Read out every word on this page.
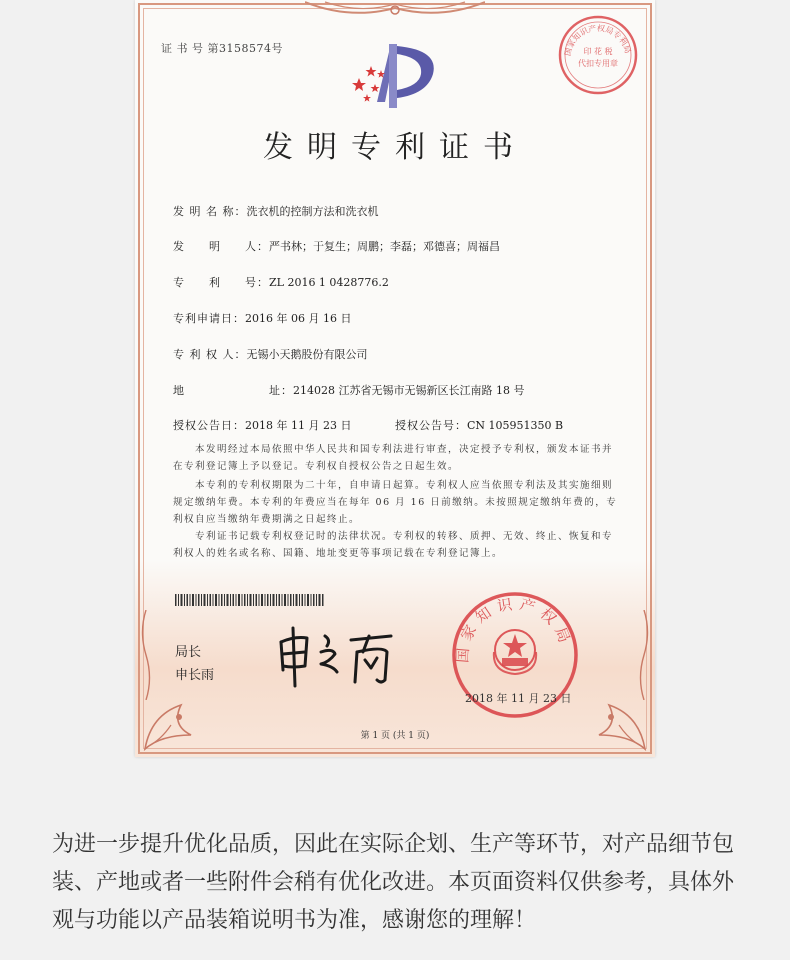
证 书 号 第3158574号	国家知识产权局专利局
印 花 税
代扣专用章
发明专利证书
发 明 名 称：洗衣机的控制方法和洗衣机
发　　明　　人：严书林；于复生；周鹏；李磊；邓德喜；周福昌
专　　利　　号：ZL 2016 1 0428776.2
专利申请日：2016 年 06 月 16 日
专 利 权 人：无锡小天鹅股份有限公司
地　　　　　　　址：214028 江苏省无锡市无锡新区长江南路 18 号
授权公告日：2018 年 11 月 23 日	授权公告号：CN 105951350 B
本发明经过本局依照中华人民共和国专利法进行审查，决定授予专利权，颁发本证书并在专利登记簿上予以登记。专利权自授权公告之日起生效。
本专利的专利权期限为二十年，自申请日起算。专利权人应当依照专利法及其实施细则规定缴纳年费。本专利的年费应当在每年 06 月 16 日前缴纳。未按照规定缴纳年费的，专利权自应当缴纳年费期满之日起终止。
专利证书记载专利权登记时的法律状况。专利权的转移、质押、无效、终止、恢复和专利权人的姓名或名称、国籍、地址变更等事项记载在专利登记簿上。
局长
申长雨
国家知识产权局
2018 年 11 月 23 日
第 1 页 (共 1 页)
为进一步提升优化品质，因此在实际企划、生产等环节，对产品细节包装、产地或者一些附件会稍有优化改进。本页面资料仅供参考，具体外观与功能以产品装箱说明书为准，感谢您的理解！
